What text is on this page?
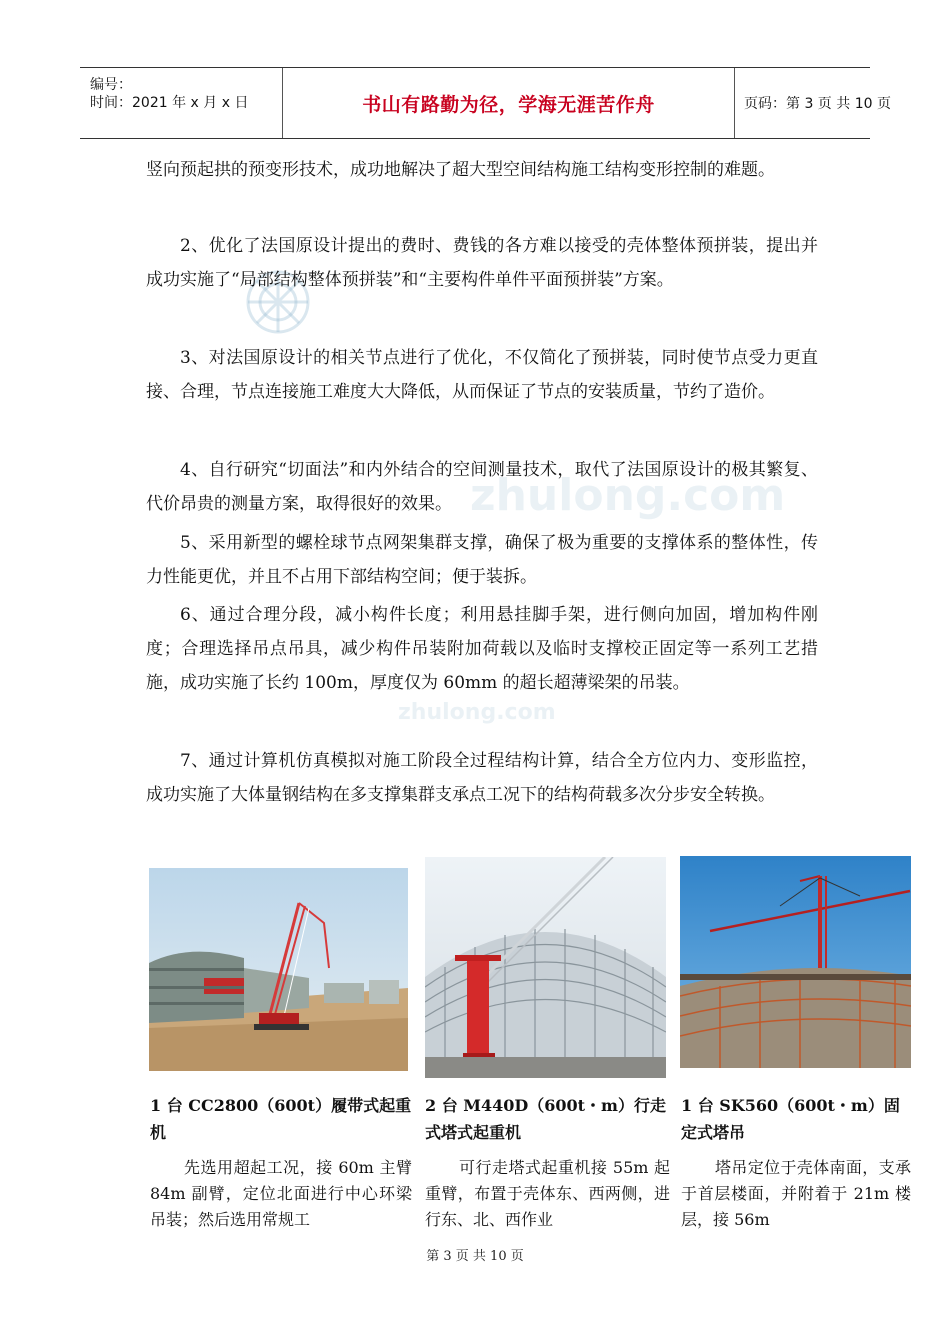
编号：
时间：2021 年 x 月 x 日	书山有路勤为径，学海无涯苦作舟	页码：第 3 页 共 10 页
zhulong.com
zhulong.com
竖向预起拱的预变形技术，成功地解决了超大型空间结构施工结构变形控制的难题。
2、优化了法国原设计提出的费时、费钱的各方难以接受的壳体整体预拼装，提出并成功实施了“局部结构整体预拼装”和“主要构件单件平面预拼装”方案。
3、对法国原设计的相关节点进行了优化，不仅简化了预拼装，同时使节点受力更直接、合理，节点连接施工难度大大降低，从而保证了节点的安装质量，节约了造价。
4、自行研究“切面法”和内外结合的空间测量技术，取代了法国原设计的极其繁复、代价昂贵的测量方案，取得很好的效果。
5、采用新型的螺栓球节点网架集群支撑，确保了极为重要的支撑体系的整体性，传力性能更优，并且不占用下部结构空间；便于装拆。
6、通过合理分段，减小构件长度；利用悬挂脚手架，进行侧向加固，增加构件刚度；合理选择吊点吊具，减少构件吊装附加荷载以及临时支撑校正固定等一系列工艺措施，成功实施了长约 100m，厚度仅为 60mm 的超长超薄梁架的吊装。
7、通过计算机仿真模拟对施工阶段全过程结构计算，结合全方位内力、变形监控，成功实施了大体量钢结构在多支撑集群支承点工况下的结构荷载多次分步安全转换。
1 台 CC2800（600t）履带式起重机
2 台 M440D（600t・m）行走式塔式起重机
1 台 SK560（600t・m）固定式塔吊
先选用超起工况，接 60m 主臂 84m 副臂，定位北面进行中心环梁吊装；然后选用常规工
可行走塔式起重机接 55m 起重臂，布置于壳体东、西两侧，进行东、北、西作业
塔吊定位于壳体南面，支承于首层楼面，并附着于 21m 楼层，接 56m
第 3 页 共 10 页
